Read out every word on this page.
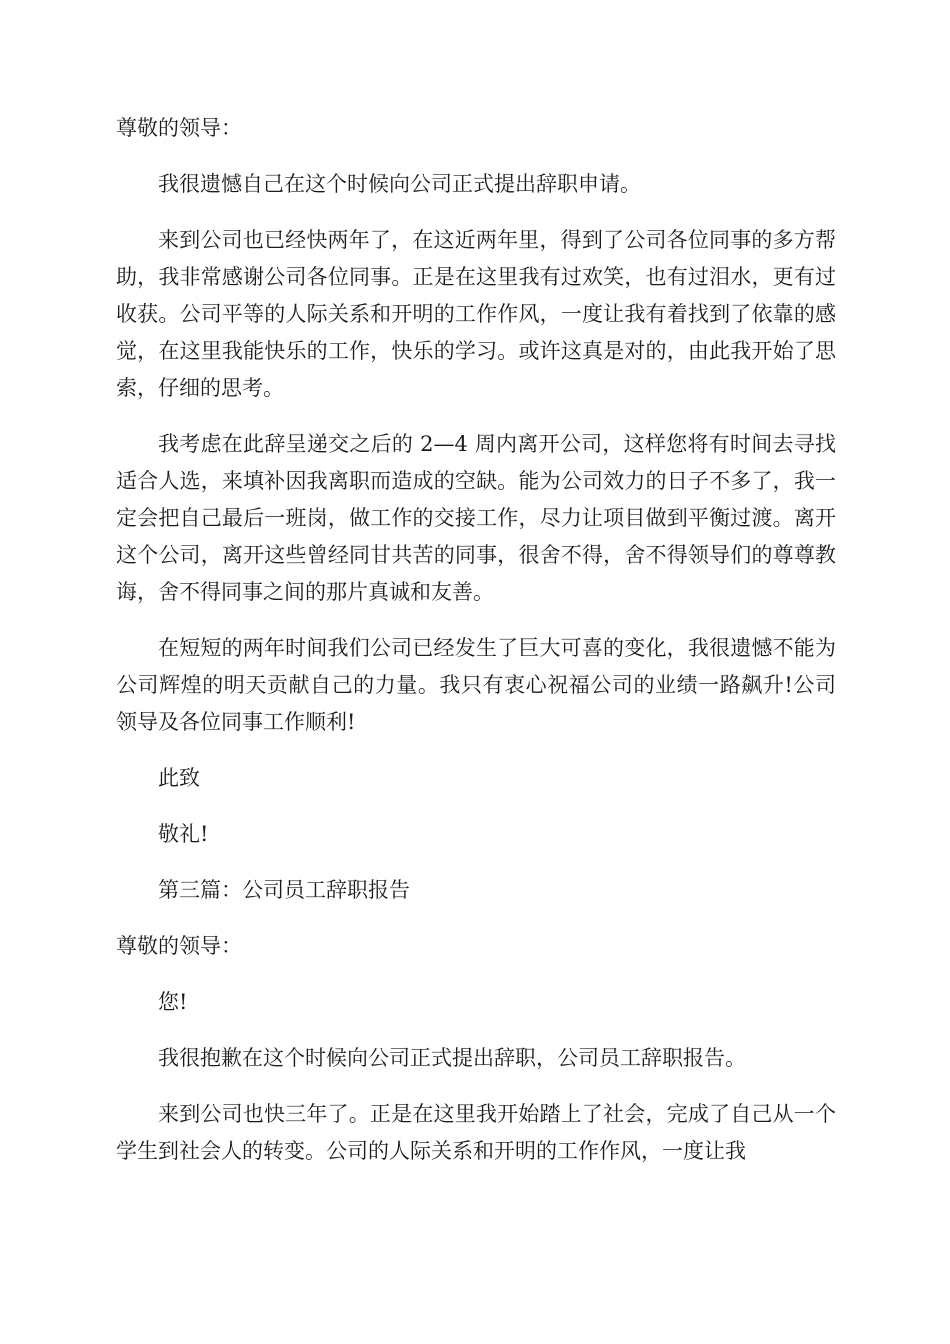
尊敬的领导：

我很遗憾自己在这个时候向公司正式提出辞职申请。

来到公司也已经快两年了，在这近两年里，得到了公司各位同事的多方帮助，我非常感谢公司各位同事。正是在这里我有过欢笑，也有过泪水，更有过收获。公司平等的人际关系和开明的工作作风，一度让我有着找到了依靠的感觉，在这里我能快乐的工作，快乐的学习。或许这真是对的，由此我开始了思索，仔细的思考。

我考虑在此辞呈递交之后的 2—4 周内离开公司，这样您将有时间去寻找适合人选，来填补因我离职而造成的空缺。能为公司效力的日子不多了，我一定会把自己最后一班岗，做工作的交接工作，尽力让项目做到平衡过渡。离开这个公司，离开这些曾经同甘共苦的同事，很舍不得，舍不得领导们的尊尊教诲，舍不得同事之间的那片真诚和友善。

在短短的两年时间我们公司已经发生了巨大可喜的变化，我很遗憾不能为公司辉煌的明天贡献自己的力量。我只有衷心祝福公司的业绩一路飙升!公司领导及各位同事工作顺利!

此致

敬礼!

第三篇：公司员工辞职报告

尊敬的领导：

您!

我很抱歉在这个时候向公司正式提出辞职，公司员工辞职报告。

来到公司也快三年了。正是在这里我开始踏上了社会，完成了自己从一个学生到社会人的转变。公司的人际关系和开明的工作作风，一度让我
